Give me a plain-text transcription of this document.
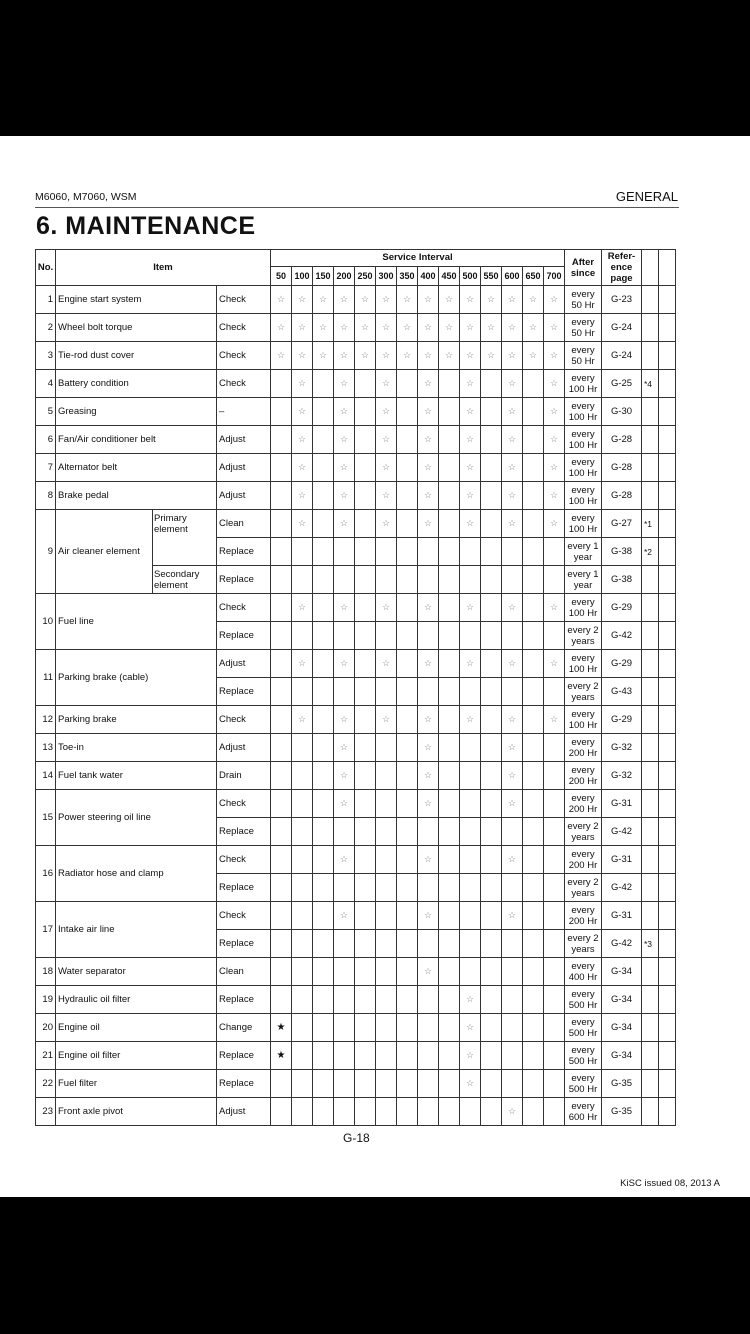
M6060, M7060, WSM	GENERAL
6. MAINTENANCE
No.	Item			Service Interval														After since	Refer- ence page		
				50	100	150	200	250	300	350	400	450	500	550	600	650	700				
1	Engine start system		Check	☆	☆	☆	☆	☆	☆	☆	☆	☆	☆	☆	☆	☆	☆	every 50 Hr	G-23		
2	Wheel bolt torque		Check	☆	☆	☆	☆	☆	☆	☆	☆	☆	☆	☆	☆	☆	☆	every 50 Hr	G-24		
3	Tie-rod dust cover		Check	☆	☆	☆	☆	☆	☆	☆	☆	☆	☆	☆	☆	☆	☆	every 50 Hr	G-24		
4	Battery condition		Check		☆		☆		☆		☆		☆		☆		☆	every 100 Hr	G-25	*4	
5	Greasing		–		☆		☆		☆		☆		☆		☆		☆	every 100 Hr	G-30		
6	Fan/Air conditioner belt		Adjust		☆		☆		☆		☆		☆		☆		☆	every 100 Hr	G-28		
7	Alternator belt		Adjust		☆		☆		☆		☆		☆		☆		☆	every 100 Hr	G-28		
8	Brake pedal		Adjust		☆		☆		☆		☆		☆		☆		☆	every 100 Hr	G-28		
9	Air cleaner element	Primary element	Clean		☆		☆		☆		☆		☆		☆		☆	every 100 Hr	G-27	*1	
			Replace															every 1 year	G-38	*2	
		Secondary element	Replace															every 1 year	G-38		
10	Fuel line		Check		☆		☆		☆		☆		☆		☆		☆	every 100 Hr	G-29		
			Replace															every 2 years	G-42		
11	Parking brake (cable)		Adjust		☆		☆		☆		☆		☆		☆		☆	every 100 Hr	G-29		
			Replace															every 2 years	G-43		
12	Parking brake		Check		☆		☆		☆		☆		☆		☆		☆	every 100 Hr	G-29		
13	Toe-in		Adjust				☆				☆				☆			every 200 Hr	G-32		
14	Fuel tank water		Drain				☆				☆				☆			every 200 Hr	G-32		
15	Power steering oil line		Check				☆				☆				☆			every 200 Hr	G-31		
			Replace															every 2 years	G-42		
16	Radiator hose and clamp		Check				☆				☆				☆			every 200 Hr	G-31		
			Replace															every 2 years	G-42		
17	Intake air line		Check				☆				☆				☆			every 200 Hr	G-31		
			Replace															every 2 years	G-42	*3	
18	Water separator		Clean								☆							every 400 Hr	G-34		
19	Hydraulic oil filter		Replace										☆					every 500 Hr	G-34		
20	Engine oil		Change	★									☆					every 500 Hr	G-34		
21	Engine oil filter		Replace	★									☆					every 500 Hr	G-34		
22	Fuel filter		Replace										☆					every 500 Hr	G-35		
23	Front axle pivot		Adjust												☆			every 600 Hr	G-35		
G-18
KiSC issued 08, 2013 A
